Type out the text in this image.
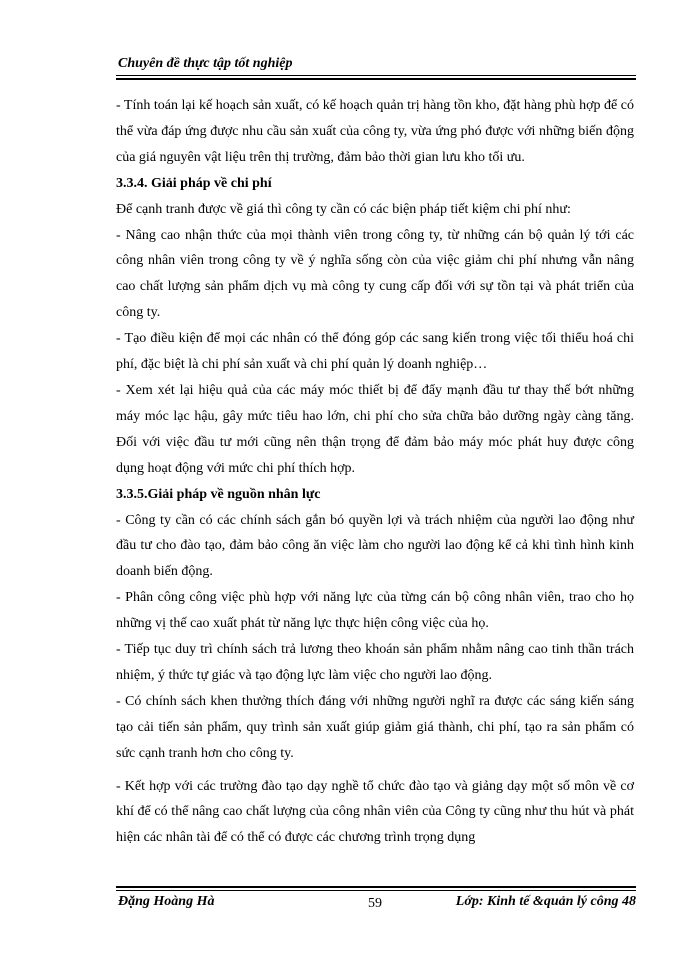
Chuyên đề thực tập tốt nghiệp

- Tính toán lại kế hoạch sản xuất, có kế hoạch quản trị hàng tồn kho, đặt hàng phù hợp để có thể vừa đáp ứng được nhu cầu sản xuất của công ty, vừa ứng phó được với những biến động của giá nguyên vật liệu trên thị trường, đảm bảo thời gian lưu kho tối ưu.

3.3.4. Giải pháp về chi phí

Để cạnh tranh được về giá thì công ty cần có các biện pháp tiết kiệm chi phí như:

- Nâng cao nhận thức của mọi thành viên trong công ty, từ những cán bộ quản lý tới các công nhân viên trong công ty về ý nghĩa sống còn của việc giảm chi phí nhưng vẫn nâng cao chất lượng sản phẩm dịch vụ mà công ty cung cấp đối với sự tồn tại và phát triển của công ty.

- Tạo điều kiện để mọi các nhân có thể đóng góp các sang kiến trong việc tối thiểu hoá chi phí, đặc biệt là chi phí sản xuất và chi phí quản lý doanh nghiệp…

- Xem xét lại hiệu quả của các máy móc thiết bị để đẩy mạnh đầu tư thay thế bớt những máy móc lạc hậu, gây mức tiêu hao lớn, chi phí cho sửa chữa bảo dưỡng ngày càng tăng. Đối với việc đầu tư mới cũng nên thận trọng để đảm bảo máy móc phát huy được công dụng hoạt động với mức chi phí thích hợp.

3.3.5.Giải pháp về nguồn nhân lực

- Công ty cần có các chính sách gắn bó quyền lợi và trách nhiệm của người lao động như đầu tư cho đào tạo, đảm bảo công ăn việc làm cho người lao động kể cả khi tình hình kinh doanh biến động.

- Phân công công việc phù hợp với năng lực của từng cán bộ công nhân viên, trao cho họ những vị thế cao xuất phát từ năng lực thực hiện công việc của họ.

- Tiếp tục duy trì chính sách trả lương theo khoán sản phẩm nhằm nâng cao tinh thần trách nhiệm, ý thức tự giác và tạo động lực làm việc cho người lao động.

- Có chính sách khen thưởng thích đáng với những người nghĩ ra được các sáng kiến sáng tạo cải tiến sản phẩm, quy trình sản xuất giúp giảm giá thành, chi phí, tạo ra sản phẩm có sức cạnh tranh hơn cho công ty.

- Kết hợp với các trường đào tạo dạy nghề tổ chức đào tạo và giảng dạy một số môn về cơ khí để có thể nâng cao chất lượng của công nhân viên của Công ty cũng như thu hút và phát hiện các nhân tài để có thể có được các chương trình trọng dụng

Đặng Hoàng Hà	59	Lớp: Kinh tế &quản lý công 48
